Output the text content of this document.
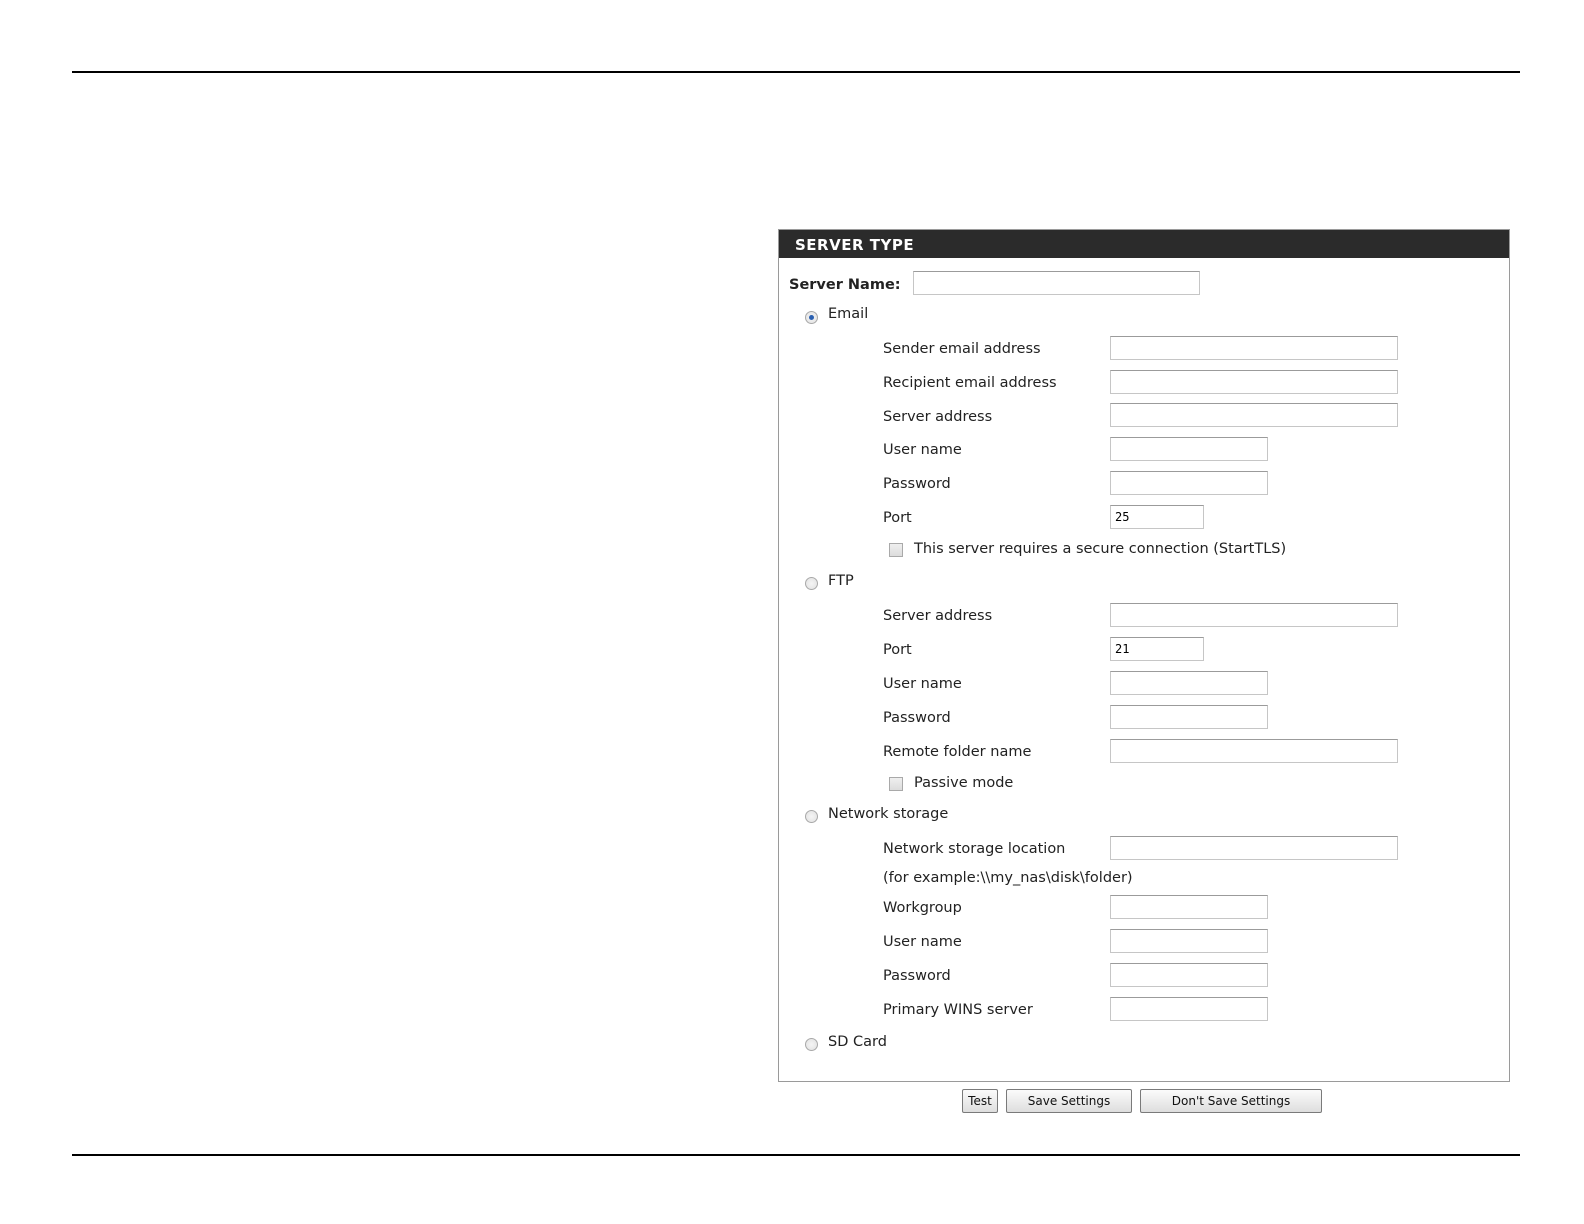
SERVER TYPE
Server Name:
Email
Sender email address
Recipient email address
Server address
User name
Password
Port
25
This server requires a secure connection (StartTLS)
FTP
Server address
Port
21
User name
Password
Remote folder name
Passive mode
Network storage
Network storage location
(for example:\\my_nas\disk\folder)
Workgroup
User name
Password
Primary WINS server
SD Card
Test	Save Settings	Don't Save Settings
